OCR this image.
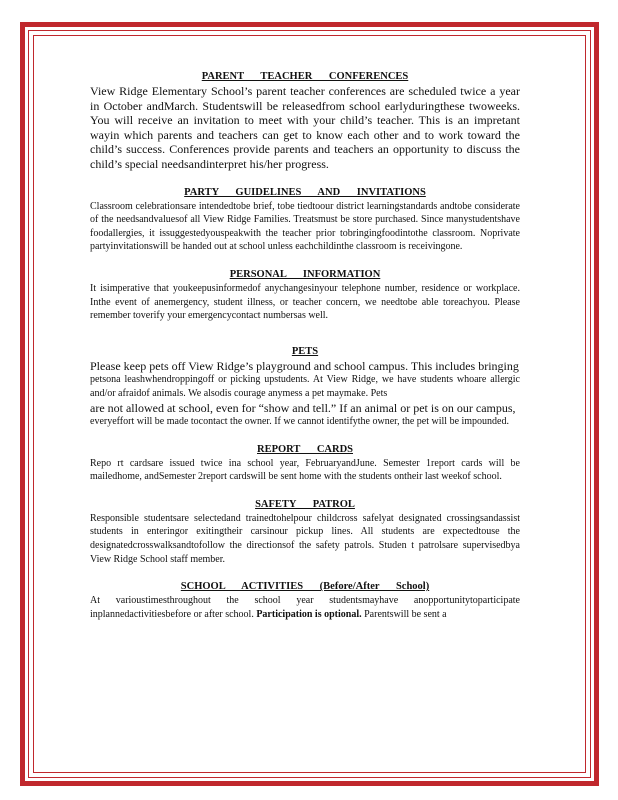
PARENT TEACHER CONFERENCES

View Ridge Elementary School’s parent teacher conferences are scheduled twice a year in October andMarch. Studentswill be releasedfrom school earlyduringthese twoweeks. You will receive an invitation to meet with your child’s teacher. This is an impretant wayin which parents and teachers can get to know each other and to work toward the child’s success. Conferences provide parents and teachers an opportunity to discuss the child’s special needsandinterpret his/her progress.

PARTY GUIDELINES AND INVITATIONS

Classroom celebrationsare intendedtobe brief, tobe tiedtoour district learningstandards andtobe considerate of the needsandvaluesof all View Ridge Families. Treatsmust be store purchased. Since manystudentshave foodallergies, it issuggestedyouspeakwith the teacher prior tobringingfoodintothe classroom. Noprivate partyinvitationswill be handed out at school unless eachchildinthe classroom is receivingone.

PERSONAL INFORMATION

It isimperative that youkeepusinformedof anychangesinyour telephone number, residence or workplace. Inthe event of anemergency, student illness, or teacher concern, we needtobe able toreachyou. Please remember toverify your emergencycontact numbersas well.

PETS

Please keep pets off View Ridge’s playground and school campus. This includes bringing

petsona leashwhendroppingoff or picking upstudents. At View Ridge, we have students whoare allergic and/or afraidof animals. We alsodis courage anymess a pet maymake. Pets

are not allowed at school, even for “show and tell.” If an animal or pet is on our campus,

everyeffort will be made tocontact the owner. If we cannot identifythe owner, the pet will be impounded.

REPORT CARDS

Repo rt cardsare issued twice ina school year, FebruaryandJune. Semester 1report cards will be mailedhome, andSemester 2report cardswill be sent home with the students ontheir last weekof school.

SAFETY PATROL

Responsible studentsare selectedand trainedtohelpour childcross safelyat designated crossingsandassist students in enteringor exitingtheir carsinour pickup lines. All students are expectedtouse the designatedcrosswalksandtofollow the directionsof the safety patrols. Studen t patrolsare supervisedbya View Ridge School staff member.

SCHOOL ACTIVITIES (Before/After School)

At varioustimesthroughout the school year studentsmayhave anopportunitytoparticipate inplannedactivitiesbefore or after school. Participation is optional. Parentswill be sent a
